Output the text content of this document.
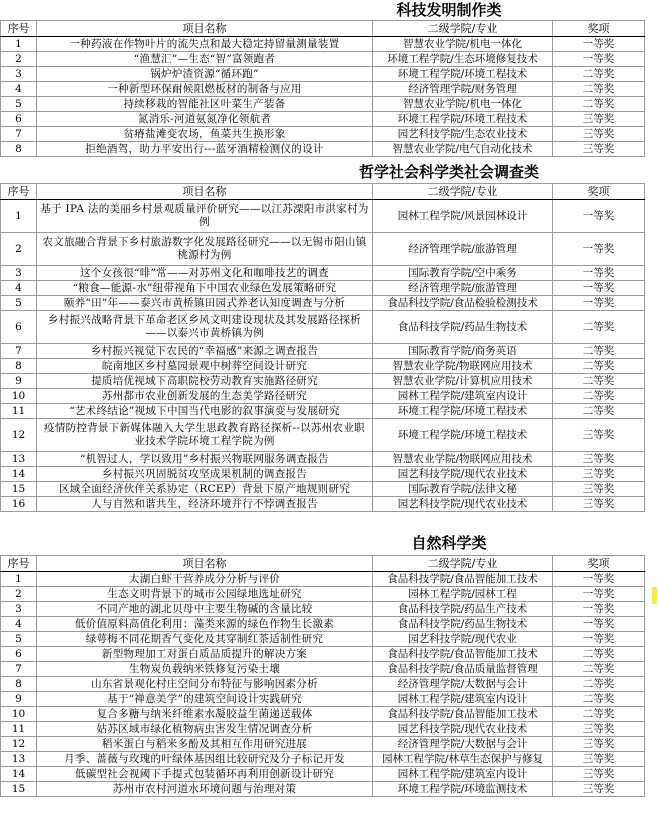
科技发明制作类
序号	项目名称	二级学院/专业	奖项
1	一种药液在作物叶片的流失点和最大稳定持留量测量装置	智慧农业学院/机电一体化	一等奖
2	“渔慧汇”—生态“智”富领跑者	环境工程学院/生态环境修复技术	一等奖
3	锅炉炉渣资源“循环跑”	环境工程学院/环境工程技术	二等奖
4	一种新型环保耐候阻燃板材的制备与应用	经济管理学院/财务管理	二等奖
5	持续移栽的智能社区叶菜生产装备	智慧农业学院/机电一体化	二等奖
6	氮消乐-河道氨氮净化领航者	环境工程学院/环境工程技术	三等奖
7	贫瘠盐滩变农场，鱼菜共生换形象	园艺科技学院/生态农业技术	三等奖
8	拒绝酒驾，助力平安出行---蓝牙酒精检测仪的设计	智慧农业学院/电气自动化技术	三等奖
哲学社会科学类社会调查类
序号	项目名称	二级学院/专业	奖项
1	基于 IPA 法的美丽乡村景观质量评价研究——以江苏溧阳市洪家村为例	园林工程学院/风景园林设计	一等奖
2	农文旅融合背景下乡村旅游数字化发展路径研究——以无锡市阳山镇桃源村为例	经济管理学院/旅游管理	一等奖
3	这个女孩很“啡”常——对苏州文化和咖啡技艺的调查	国际教育学院/空中乘务	一等奖
4	“粮食—能源-水”纽带视角下中国农业绿色发展策略研究	经济管理学院/旅游管理	一等奖
5	颐养“田”年——泰兴市黄桥镇田园式养老认知度调查与分析	食品科技学院/食品检验检测技术	一等奖
6	乡村振兴战略背景下革命老区乡风文明建设现状及其发展路径探析——以泰兴市黄桥镇为例	食品科技学院/药品生物技术	二等奖
7	乡村振兴视觉下农民的“幸福感”来源之调查报告	国际教育学院/商务英语	二等奖
8	皖南地区乡村墓园景观中树葬空间设计研究	智慧农业学院/物联网应用技术	二等奖
9	提质培优视域下高职院校劳动教育实施路径研究	智慧农业学院/计算机应用技术	二等奖
10	苏州都市农业创新发展的生态美学路径研究	园林工程学院/建筑室内设计	二等奖
11	“艺术终结论”视域下中国当代电影的叙事演变与发展研究	环境工程学院/环境工程技术	二等奖
12	疫情防控背景下新媒体融入大学生思政教育路径探析--以苏州农业职业技术学院环境工程学院为例	环境工程学院/环境工程技术	三等奖
13	“机智过人，学以致用”乡村振兴物联网服务调查报告	智慧农业学院/物联网应用技术	三等奖
14	乡村振兴巩固脱贫攻坚成果机制的调查报告	园艺科技学院/现代农业技术	三等奖
15	区域全面经济伙伴关系协定（RCEP）背景下原产地规则研究	国际教育学院/法律文秘	三等奖
16	人与自然和谐共生，经济环境并行不悖调查报告	园艺科技学院/现代农业技术	三等奖
自然科学类
序号	项目名称	二级学院/专业	奖项
1	太湖白虾干营养成分分析与评价	食品科技学院/食品智能加工技术	一等奖
2	生态文明背景下的城市公园绿地选址研究	园林工程学院/园林工程	一等奖
3	不同产地的湖北贝母中主要生物碱的含量比较	食品科技学院/药品生产技术	一等奖
4	低价值原料高值化利用：藻类来源的绿色作物生长激素	食品科技学院/药品生物技术	一等奖
5	绿萼梅不同花期香气变化及其穿制红茶适制性研究	园艺科技学院/现代农业	一等奖
6	新型物理加工对蛋白质品质提升的解决方案	食品科技学院/食品智能加工技术	二等奖
7	生物炭负载纳米铁修复污染土壤	食品科技学院/食品质量监督管理	二等奖
8	山东省景观化村庄空间分布特征与影响因素分析	经济管理学院/大数据与会计	二等奖
9	基于“禅意美学”的建筑空间设计实践研究	园林工程学院/建筑室内设计	二等奖
10	复合多糖与纳米纤维素水凝胶益生菌递送载体	食品科技学院/食品智能加工技术	二等奖
11	姑苏区域市绿化植物病虫害发生情况调查分析	园艺科技学院/现代农业技术	三等奖
12	稻米蛋白与稻米多酚及其相互作用研究进展	经济管理学院/大数据与会计	三等奖
13	月季、蔷薇与玫瑰的叶绿体基因组比较研究及分子标记开发	园林工程学院/林草生态保护与修复	三等奖
14	低碳型社会视阈下手提式包装循环再利用创新设计研究	园林工程学院/建筑室内设计	三等奖
15	苏州市农村河道水环境问题与治理对策	环境工程学院/环境监测技术	三等奖
